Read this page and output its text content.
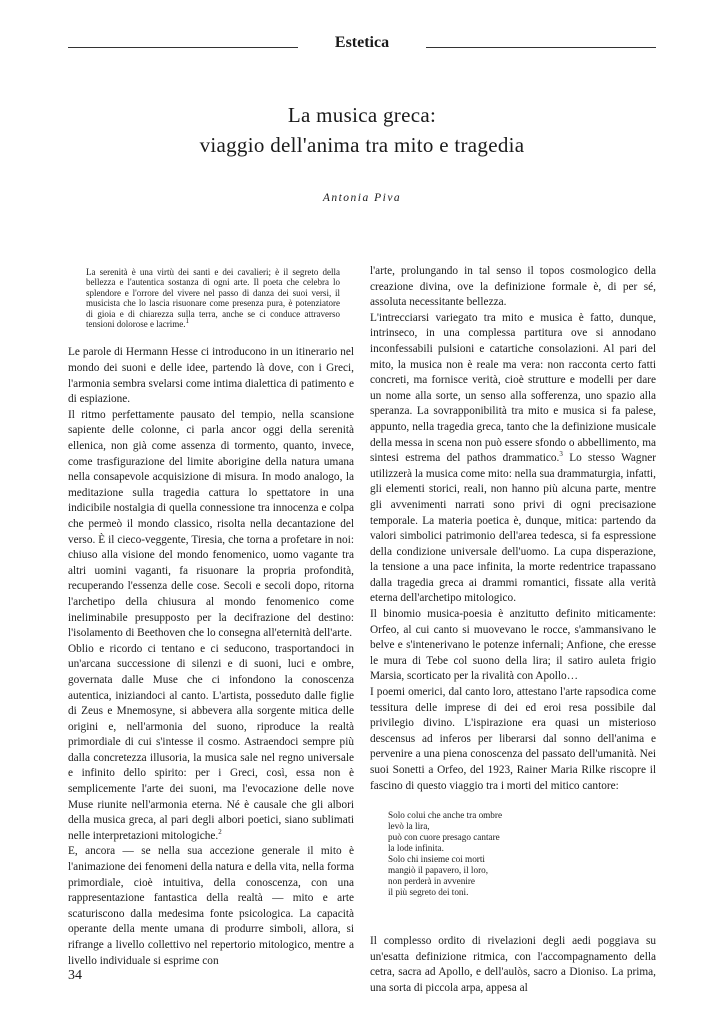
Estetica
La musica greca:
viaggio dell'anima tra mito e tragedia
Antonia Piva

La serenità è una virtù dei santi e dei cavalieri; è il segreto della bellezza e l'autentica sostanza di ogni arte. Il poeta che celebra lo splendore e l'orrore del vivere nel passo di danza dei suoi versi, il musicista che lo lascia risuonare come presenza pura, è potenziatore di gioia e di chiarezza sulla terra, anche se ci conduce attraverso tensioni dolorose e lacrime.$^1$

Le parole di Hermann Hesse ci introducono in un itinerario nel mondo dei suoni e delle idee, partendo là dove, con i Greci, l'armonia sembra svelarsi come intima dialettica di patimento e di espiazione.

Il ritmo perfettamente pausato del tempio, nella scansione sapiente delle colonne, ci parla ancor oggi della serenità ellenica, non già come assenza di tormento, quanto, invece, come trasfigurazione del limite aborigine della natura umana nella consapevole acquisizione di misura. In modo analogo, la meditazione sulla tragedia cattura lo spettatore in una indicibile nostalgia di quella connessione tra innocenza e colpa che permeò il mondo classico, risolta nella decantazione del verso. È il cieco-veggente, Tiresia, che torna a profetare in noi: chiuso alla visione del mondo fenomenico, uomo vagante tra altri uomini vaganti, fa risuonare la propria profondità, recuperando l'essenza delle cose. Secoli e secoli dopo, ritorna l'archetipo della chiusura al mondo fenomenico come ineliminabile presupposto per la decifrazione del destino: l'isolamento di Beethoven che lo consegna all'eternità dell'arte.

Oblio e ricordo ci tentano e ci seducono, trasportandoci in un'arcana successione di silenzi e di suoni, luci e ombre, governata dalle Muse che ci infondono la conoscenza autentica, iniziandoci al canto. L'artista, posseduto dalle figlie di Zeus e Mnemosyne, si abbevera alla sorgente mitica delle origini e, nell'armonia del suono, riproduce la realtà primordiale di cui s'intesse il cosmo. Astraendoci sempre più dalla concretezza illusoria, la musica sale nel regno universale e infinito dello spirito: per i Greci, così, essa non è semplicemente l'arte dei suoni, ma l'evocazione delle nove Muse riunite nell'armonia eterna. Né è causale che gli albori della musica greca, al pari degli albori poetici, siano sublimati nelle interpretazioni mitologiche.$^2$

E, ancora — se nella sua accezione generale il mito è l'animazione dei fenomeni della natura e della vita, nella forma primordiale, cioè intuitiva, della conoscenza, con una rappresentazione fantastica della realtà — mito e arte scaturiscono dalla medesima fonte psicologica. La capacità operante della mente umana di produrre simboli, allora, si rifrange a livello collettivo nel repertorio mitologico, mentre a livello individuale si esprime con

l'arte, prolungando in tal senso il topos cosmologico della creazione divina, ove la definizione formale è, di per sé, assoluta necessitante bellezza.

L'intrecciarsi variegato tra mito e musica è fatto, dunque, intrinseco, in una complessa partitura ove si annodano inconfessabili pulsioni e catartiche consolazioni. Al pari del mito, la musica non è reale ma vera: non racconta certo fatti concreti, ma fornisce verità, cioè strutture e modelli per dare un nome alla sorte, un senso alla sofferenza, uno spazio alla speranza. La sovrapponibilità tra mito e musica si fa palese, appunto, nella tragedia greca, tanto che la definizione musicale della messa in scena non può essere sfondo o abbellimento, ma sintesi estrema del pathos drammatico.$^3$ Lo stesso Wagner utilizzerà la musica come mito: nella sua drammaturgia, infatti, gli elementi storici, reali, non hanno più alcuna parte, mentre gli avvenimenti narrati sono privi di ogni precisazione temporale. La materia poetica è, dunque, mitica: partendo da valori simbolici patrimonio dell'area tedesca, si fa espressione della condizione universale dell'uomo. La cupa disperazione, la tensione a una pace infinita, la morte redentrice trapassano dalla tragedia greca ai drammi romantici, fissate alla verità eterna dell'archetipo mitologico.

Il binomio musica-poesia è anzitutto definito miticamente: Orfeo, al cui canto si muovevano le rocce, s'ammansivano le belve e s'intenerivano le potenze infernali; Anfione, che eresse le mura di Tebe col suono della lira; il satiro auleta frigio Marsia, scorticato per la rivalità con Apollo…

I poemi omerici, dal canto loro, attestano l'arte rapsodica come tessitura delle imprese di dei ed eroi resa possibile dal privilegio divino. L'ispirazione era quasi un misterioso descensus ad inferos per liberarsi dal sonno dell'anima e pervenire a una piena conoscenza del passato dell'umanità. Nei suoi Sonetti a Orfeo, del 1923, Rainer Maria Rilke riscopre il fascino di questo viaggio tra i morti del mitico cantore:

Solo colui che anche tra ombre
levò la lira,
può con cuore presago cantare
la lode infinita.
Solo chi insieme coi morti
mangiò il papavero, il loro,
non perderà in avvenire
il più segreto dei toni.

Il complesso ordito di rivelazioni degli aedi poggiava su un'esatta definizione ritmica, con l'accompagnamento della cetra, sacra ad Apollo, e dell'aulòs, sacro a Dioniso. La prima, una sorta di piccola arpa, appesa al

34
